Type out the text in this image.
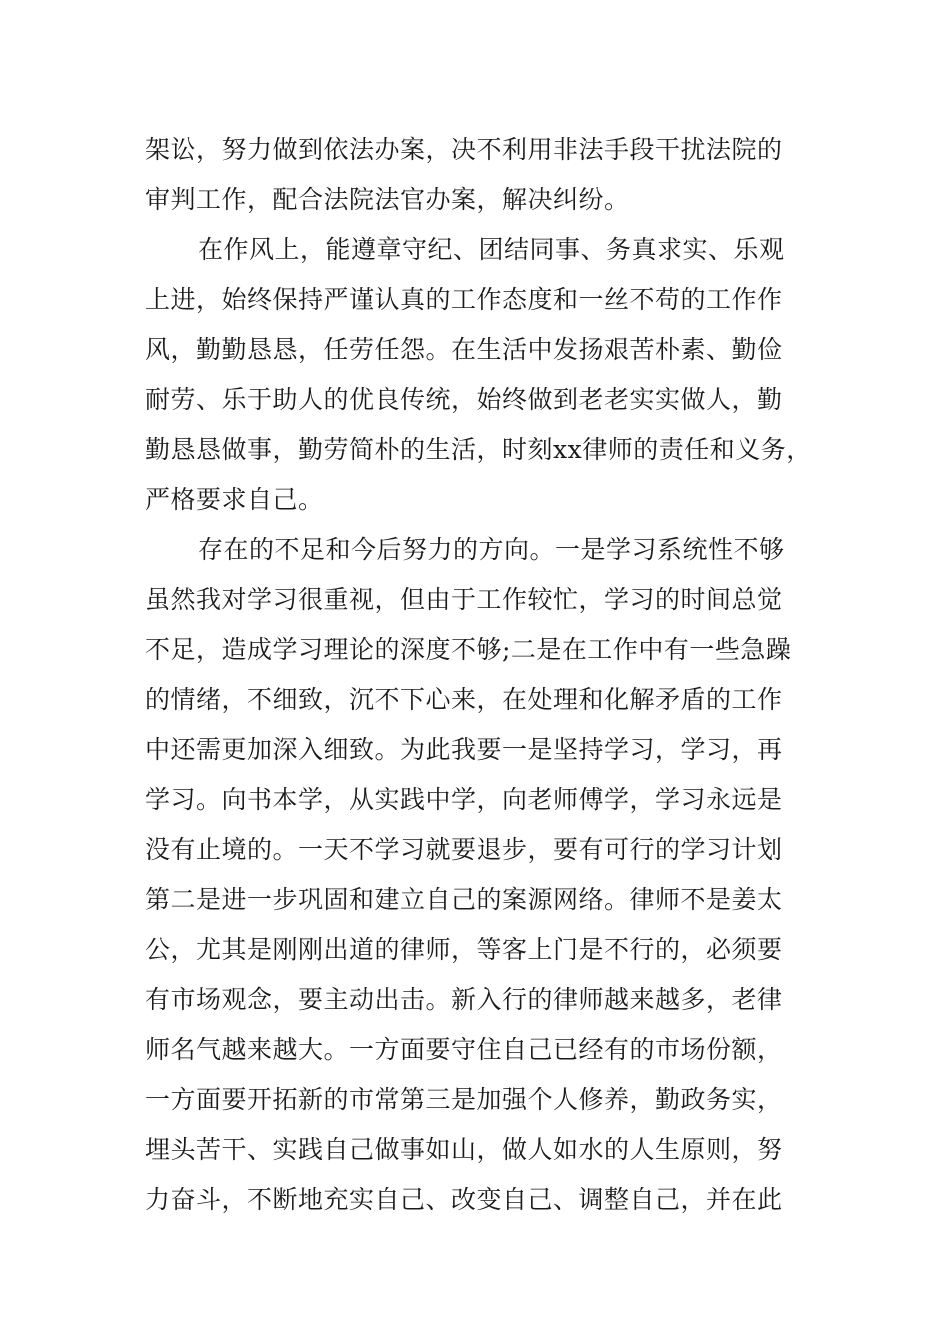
架讼，努力做到依法办案，决不利用非法手段干扰法院的
审判工作，配合法院法官办案，解决纠纷。
在作风上，能遵章守纪、团结同事、务真求实、乐观
上进，始终保持严谨认真的工作态度和一丝不苟的工作作
风，勤勤恳恳，任劳任怨。在生活中发扬艰苦朴素、勤俭
耐劳、乐于助人的优良传统，始终做到老老实实做人，勤
勤恳恳做事，勤劳简朴的生活，时刻xx律师的责任和义务，
严格要求自己。
存在的不足和今后努力的方向。一是学习系统性不够
虽然我对学习很重视，但由于工作较忙，学习的时间总觉
不足，造成学习理论的深度不够;二是在工作中有一些急躁
的情绪，不细致，沉不下心来，在处理和化解矛盾的工作
中还需更加深入细致。为此我要一是坚持学习，学习，再
学习。向书本学，从实践中学，向老师傅学，学习永远是
没有止境的。一天不学习就要退步，要有可行的学习计划
第二是进一步巩固和建立自己的案源网络。律师不是姜太
公，尤其是刚刚出道的律师，等客上门是不行的，必须要
有市场观念，要主动出击。新入行的律师越来越多，老律
师名气越来越大。一方面要守住自己已经有的市场份额，
一方面要开拓新的市常第三是加强个人修养，勤政务实，
埋头苦干、实践自己做事如山，做人如水的人生原则，努
力奋斗，不断地充实自己、改变自己、调整自己，并在此
